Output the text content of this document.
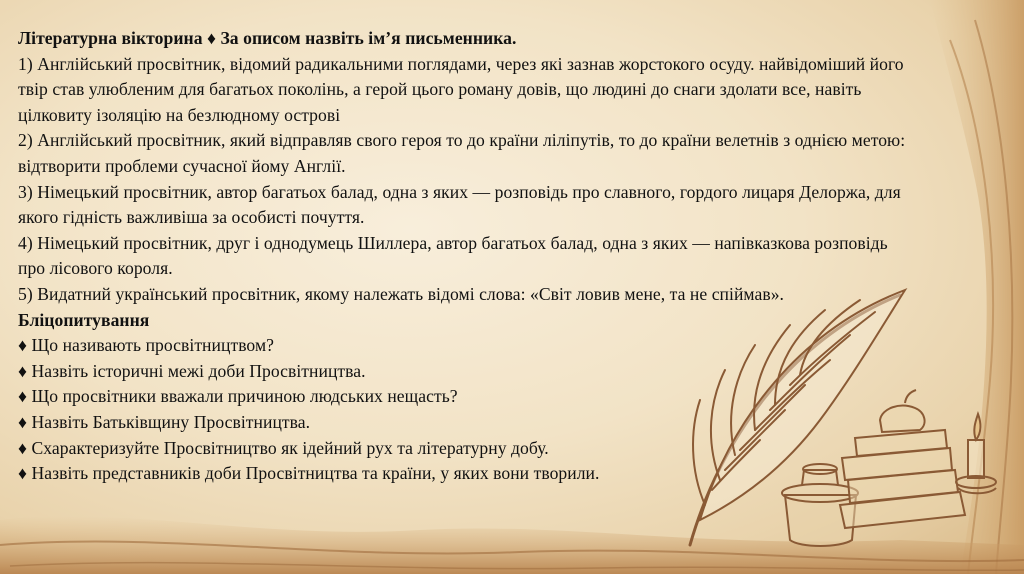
Літературна вікторина ♦ За описом назвіть ім’я письменника.

1) Англійський просвітник, відомий радикальними поглядами, через які зазнав жорстокого осуду. найвідоміший його твір став улюбленим для багатьох поколінь, а герой цього роману довів, що людині до снаги здолати все, навіть цілковиту ізоляцію на безлюдному острові

2) Англійський просвітник, який відправляв свого героя то до країни ліліпутів, то до країни велетнів з однією метою: відтворити проблеми сучасної йому Англії.

3) Німецький просвітник, автор багатьох балад, одна з яких — розповідь про славного, гордого лицаря Делоржа, для якого гідність важливіша за особисті почуття.

4) Німецький просвітник, друг і однодумець Шиллера, автор багатьох балад, одна з яких — напівказкова розповідь про лісового короля.

5) Видатний український просвітник, якому належать відомі слова: «Світ ловив мене, та не спіймав».

Бліцопитування

♦ Що називають просвітництвом?

♦ Назвіть історичні межі доби Просвітництва.

♦ Що просвітники вважали причиною людських нещасть?

♦ Назвіть Батьківщину Просвітництва.

♦ Схарактеризуйте Просвітництво як ідейний рух та літературну добу.

♦ Назвіть представників доби Просвітництва та країни, у яких вони творили.
